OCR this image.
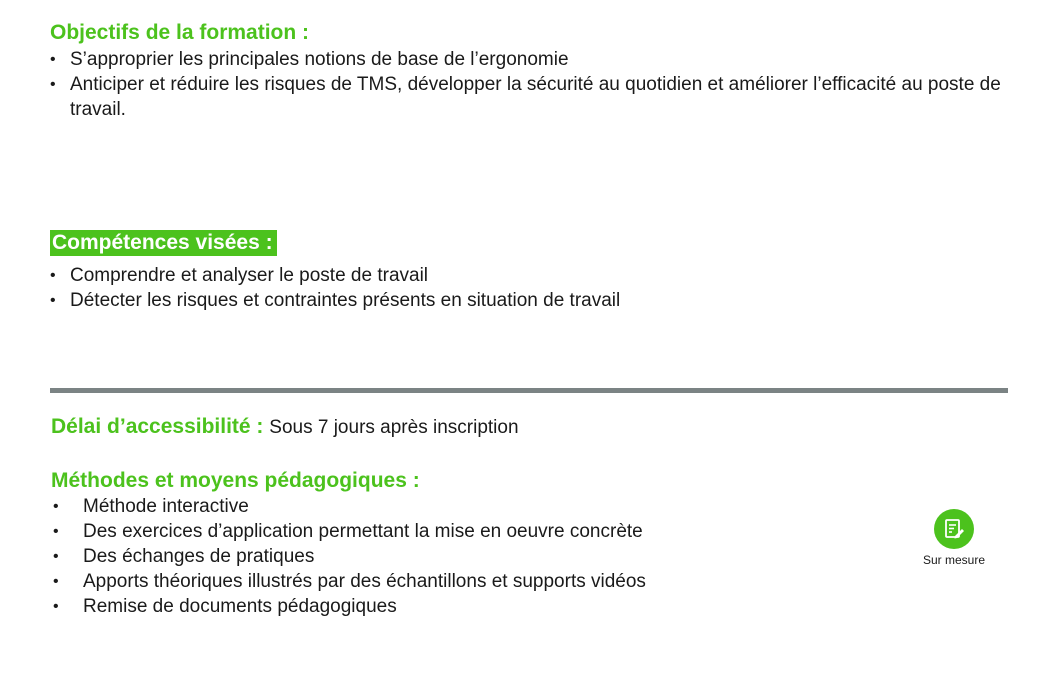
Objectifs de la formation :
• S’approprier les principales notions de base de l’ergonomie
• Anticiper et réduire les risques de TMS, développer la sécurité au quotidien et améliorer l’efficacité au poste de travail.
Compétences visées :
• Comprendre et analyser le poste de travail
• Détecter les risques et contraintes présents en situation de travail
Délai d’accessibilité : Sous 7 jours après inscription
Méthodes et moyens pédagogiques :
• Méthode interactive
• Des exercices d’application permettant la mise en oeuvre concrète
• Des échanges de pratiques
• Apports théoriques illustrés par des échantillons et supports vidéos
• Remise de documents pédagogiques
Sur mesure
